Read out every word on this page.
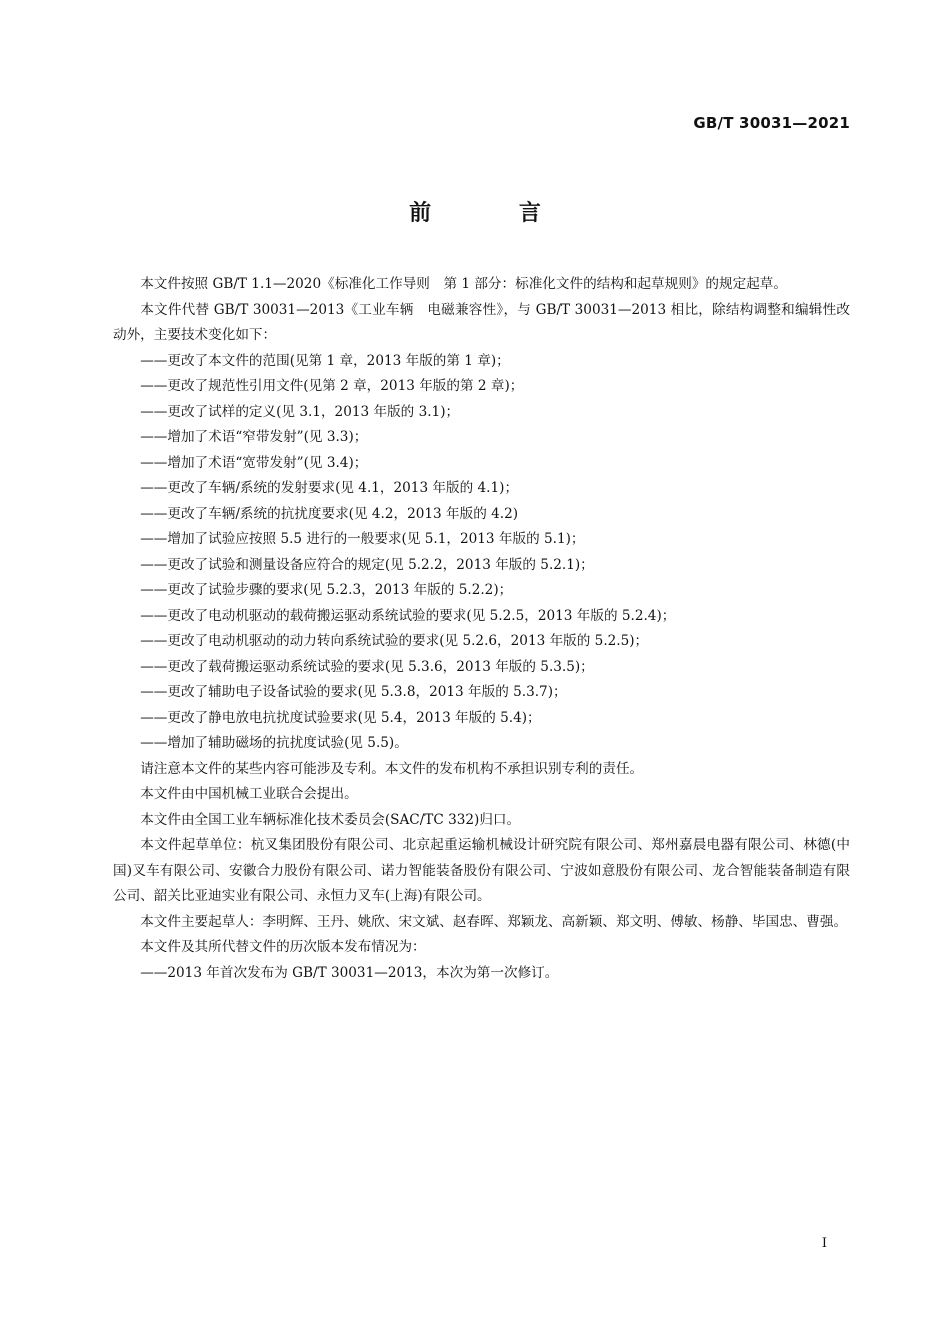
GB/T 30031—2021
前 言

本文件按照 GB/T 1.1—2020《标准化工作导则　第 1 部分：标准化文件的结构和起草规则》的规定起草。

本文件代替 GB/T 30031—2013《工业车辆　电磁兼容性》，与 GB/T 30031—2013 相比，除结构调整和编辑性改动外，主要技术变化如下：

——更改了本文件的范围(见第 1 章，2013 年版的第 1 章)；
——更改了规范性引用文件(见第 2 章，2013 年版的第 2 章)；
——更改了试样的定义(见 3.1，2013 年版的 3.1)；
——增加了术语“窄带发射”(见 3.3)；
——增加了术语“宽带发射”(见 3.4)；
——更改了车辆/系统的发射要求(见 4.1，2013 年版的 4.1)；
——更改了车辆/系统的抗扰度要求(见 4.2，2013 年版的 4.2)
——增加了试验应按照 5.5 进行的一般要求(见 5.1，2013 年版的 5.1)；
——更改了试验和测量设备应符合的规定(见 5.2.2，2013 年版的 5.2.1)；
——更改了试验步骤的要求(见 5.2.3，2013 年版的 5.2.2)；
——更改了电动机驱动的载荷搬运驱动系统试验的要求(见 5.2.5，2013 年版的 5.2.4)；
——更改了电动机驱动的动力转向系统试验的要求(见 5.2.6，2013 年版的 5.2.5)；
——更改了载荷搬运驱动系统试验的要求(见 5.3.6，2013 年版的 5.3.5)；
——更改了辅助电子设备试验的要求(见 5.3.8，2013 年版的 5.3.7)；
——更改了静电放电抗扰度试验要求(见 5.4，2013 年版的 5.4)；
——增加了辅助磁场的抗扰度试验(见 5.5)。

请注意本文件的某些内容可能涉及专利。本文件的发布机构不承担识别专利的责任。

本文件由中国机械工业联合会提出。

本文件由全国工业车辆标准化技术委员会(SAC/TC 332)归口。

本文件起草单位：杭叉集团股份有限公司、北京起重运输机械设计研究院有限公司、郑州嘉晨电器有限公司、林德(中国)叉车有限公司、安徽合力股份有限公司、诺力智能装备股份有限公司、宁波如意股份有限公司、龙合智能装备制造有限公司、韶关比亚迪实业有限公司、永恒力叉车(上海)有限公司。

本文件主要起草人：李明辉、王丹、姚欣、宋文斌、赵春晖、郑颖龙、高新颖、郑文明、傅敏、杨静、毕国忠、曹强。

本文件及其所代替文件的历次版本发布情况为：

——2013 年首次发布为 GB/T 30031—2013，本次为第一次修订。
I
